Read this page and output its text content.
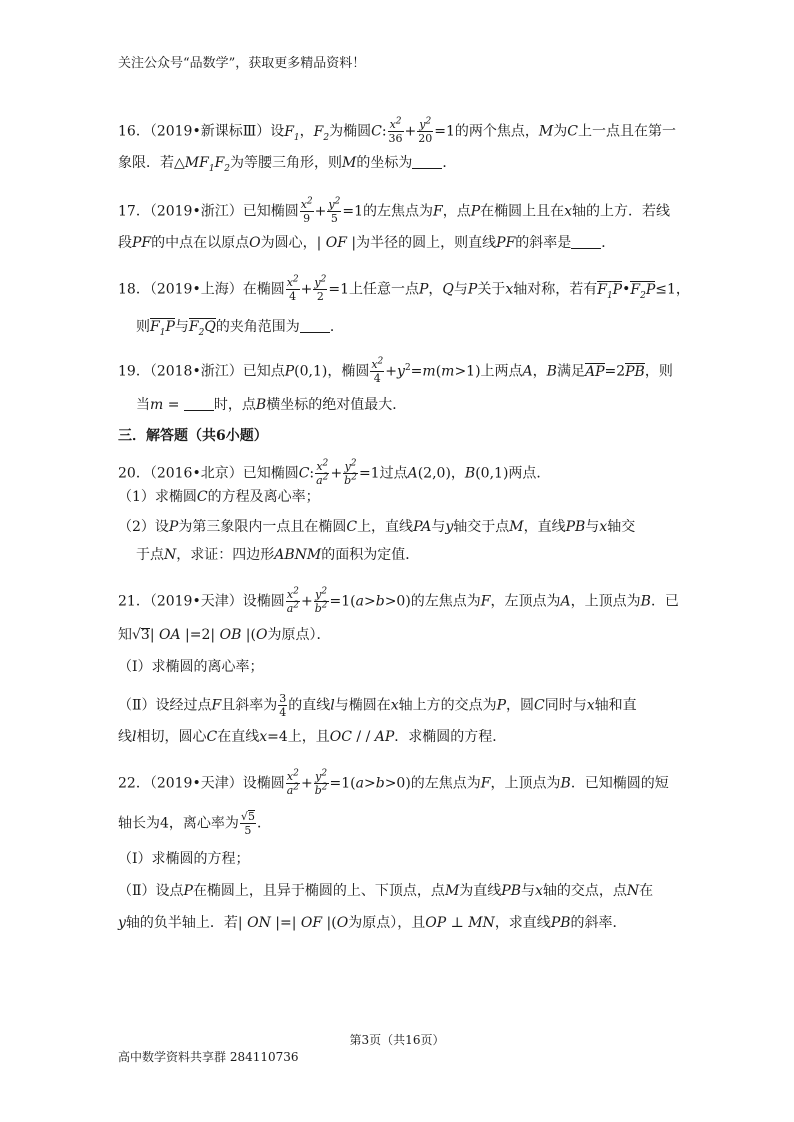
关注公众号“品数学”，获取更多精品资料！
16．（2019•新课标Ⅲ）设$F_1$，$F_2$为椭圆C: $\frac{x^2}{36} + \frac{y^2}{20} =1$的两个焦点，M为C上一点且在第一
象限．若$\triangle MF_1F_2$为等腰三角形，则M的坐标为 ．
17．（2019•浙江）已知椭圆 $\frac{x^2}{9} + \frac{y^2}{5} =1$的左焦点为F，点P在椭圆上且在x轴的上方．若线
段PF的中点在以原点O为圆心，| OF |为半径的圆上，则直线PF的斜率是 ．
18．（2019•上海）在椭圆 $\frac{x^2}{4} + \frac{y^2}{2} =1$上任意一点P，Q与P关于x轴对称，若有$F_1P•F_2P\le 1$，
则$F_1P$与$F_2Q$的夹角范围为 ．
19．（2018•浙江）已知点P(0,1)，椭圆 $\frac{x^2}{4} +y^2=m(m>1)$上两点A，B满足AP=2PB，则
当m = 时，点B横坐标的绝对值最大．
三．解答题（共6小题）
20．（2016•北京）已知椭圆C: $\frac{x^2}{a^2} + \frac{y^2}{b^2} =1$过点A(2,0)，B(0,1)两点．
（1）求椭圆C的方程及离心率；
（2）设P为第三象限内一点且在椭圆C上，直线PA与y轴交于点M，直线PB与x轴交
于点N，求证：四边形ABNM的面积为定值．
21．（2019•天津）设椭圆 $\frac{x^2}{a^2} + \frac{y^2}{b^2} =1(a>b>0)$的左焦点为F，左顶点为A，上顶点为B．已
知√3| OA |=2| OB |(O为原点）．
（Ⅰ）求椭圆的离心率；
（Ⅱ）设经过点F且斜率为 $\frac{3}{4}$ 的直线l与椭圆在x轴上方的交点为P，圆C同时与x轴和直
线l相切，圆心C在直线x=4上，且OC / / AP．求椭圆的方程．
22．（2019•天津）设椭圆 $\frac{x^2}{a^2} + \frac{y^2}{b^2} =1(a>b>0)$的左焦点为F，上顶点为B．已知椭圆的短
轴长为4，离心率为 $\frac{√5}{5}$ ．
（Ⅰ）求椭圆的方程；
（Ⅱ）设点P在椭圆上，且异于椭圆的上、下顶点，点M为直线PB与x轴的交点，点N在
y轴的负半轴上．若| ON |=| OF |(O为原点），且OP ⊥ MN，求直线PB的斜率．
第3页（共16页）
高中数学资料共享群 284110736
